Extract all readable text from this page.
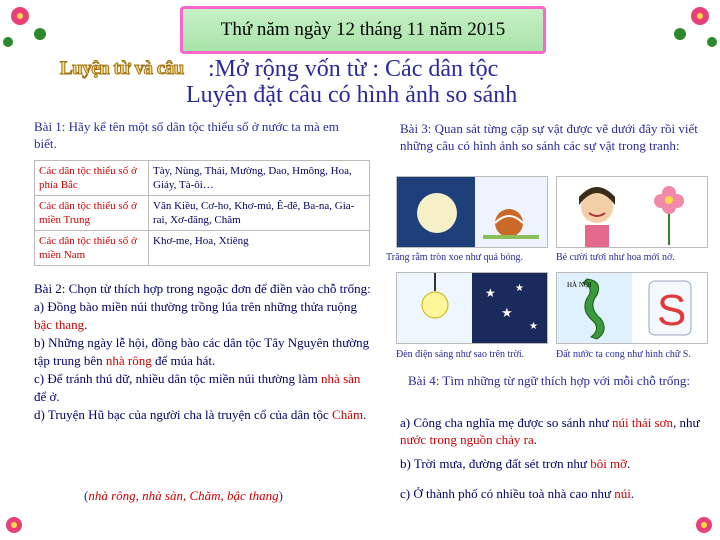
Thứ năm ngày 12 tháng 11 năm 2015
Luyện từ và câu :Mở rộng vốn từ : Các dân tộc
Luyện đặt câu có hình ảnh so sánh
Bài 1: Hãy kể tên một số dân tộc thiểu số ở nước ta mà em biết.
Các dân tộc thiểu số ở phía Bắc	Tày, Nùng, Thái, Mường, Dao, Hmông, Hoa, Giáy, Tà-ôi…
Các dân tộc thiểu số ở miền Trung	Vân Kiều, Cơ-ho, Khơ-mú, Ê-đê, Ba-na, Gia-rai, Xơ-đăng, Chăm
Các dân tộc thiểu số ở miền Nam	Khơ-me, Hoa, Xtiêng

Bài 2: Chọn từ thích hợp trong ngoặc đơn để điền vào chỗ trống:

a) Đồng bào miền núi thường trồng lúa trên những thửa ruộng bậc thang.

b) Những ngày lễ hội, đồng bào các dân tộc Tây Nguyên thường tập trung bên nhà rông để múa hát.

c) Để tránh thú dữ, nhiều dân tộc miền núi thường làm nhà sàn để ở.

d) Truyện Hũ bạc của người cha là truyện cổ của dân tộc Chăm.

(nhà rông, nhà sàn, Chăm, bậc thang)
Bài 3: Quan sát từng cặp sự vật được vẽ dưới đây rồi viết những câu có hình ảnh so sánh các sự vật trong tranh:
Trăng rằm tròn xoe như quả bóng.	Bé cười tươi như hoa mới nở.
★ ★
★
★
HÀ NỘI
S
Đèn điện sáng như sao trên trời.	Đất nước ta cong như hình chữ S.
Bài 4: Tìm những từ ngữ thích hợp với mỗi chỗ trống:
a) Công cha nghĩa mẹ được so sánh như núi thái sơn, như nước trong nguồn chảy ra.
b) Trời mưa, đường đất sét trơn như bôi mỡ.
c) Ở thành phố có nhiều toà nhà cao như núi.
